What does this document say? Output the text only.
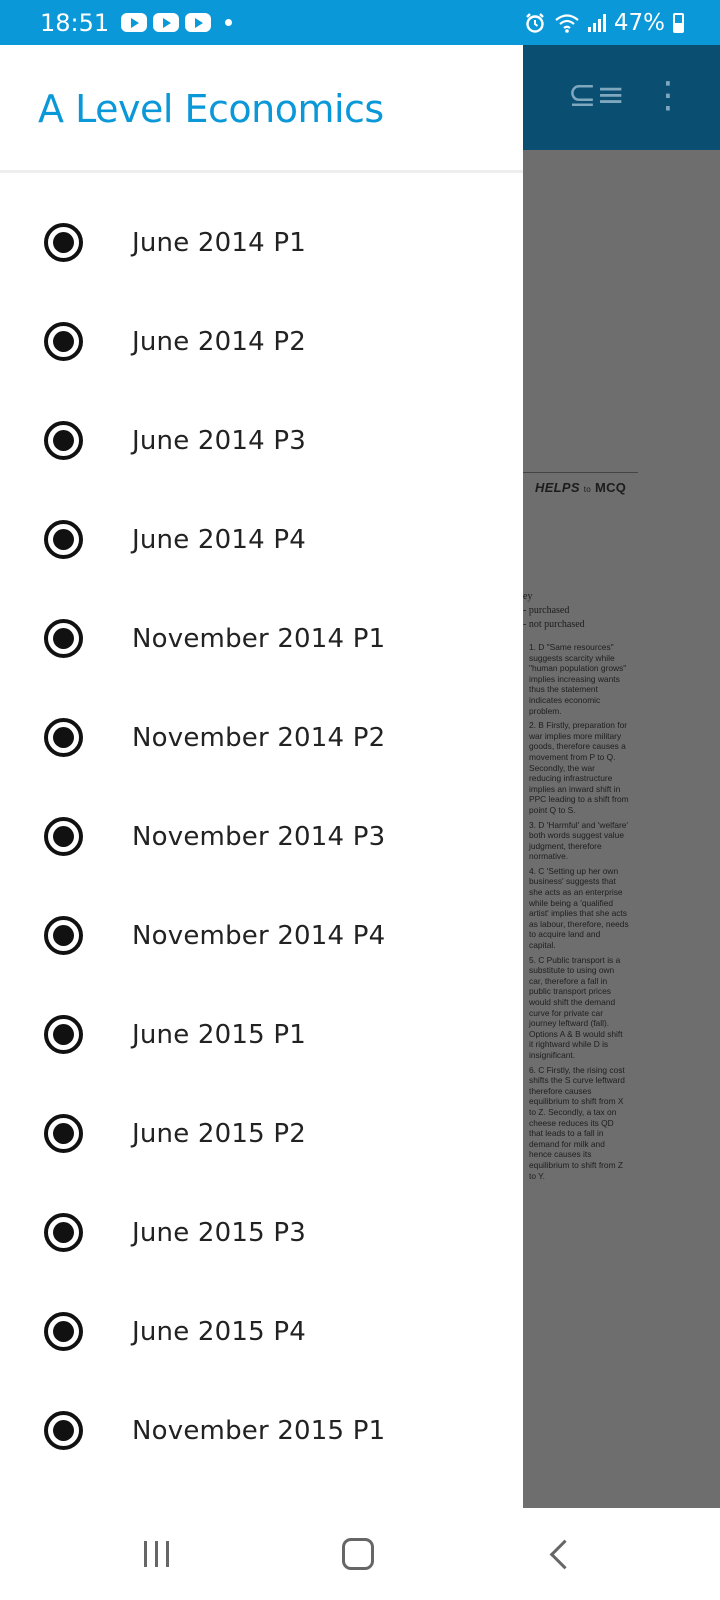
18:51	47%
⊆≡ ⋮
HELPS to MCQ
ey
- purchased
- not purchased

1. D "Same resources" suggests scarcity while "human population grows" implies increasing wants thus the statement indicates economic problem.

2. B Firstly, preparation for war implies more military goods, therefore causes a movement from P to Q. Secondly, the war reducing infrastructure implies an inward shift in PPC leading to a shift from point Q to S.

3. D 'Harmful' and 'welfare' both words suggest value judgment, therefore normative.

4. C 'Setting up her own business' suggests that she acts as an enterprise while being a 'qualified artist' implies that she acts as labour, therefore, needs to acquire land and capital.

5. C Public transport is a substitute to using own car, therefore a fall in public transport prices would shift the demand curve for private car journey leftward (fall). Options A & B would shift it rightward while D is insignificant.

6. C Firstly, the rising cost shifts the S curve leftward therefore causes equilibrium to shift from X to Z. Secondly, a tax on cheese reduces its QD that leads to a fall in demand for milk and hence causes its equilibrium to shift from Z to Y.

A Level Economics
June 2014 P1
June 2014 P2
June 2014 P3
June 2014 P4
November 2014 P1
November 2014 P2
November 2014 P3
November 2014 P4
June 2015 P1
June 2015 P2
June 2015 P3
June 2015 P4
November 2015 P1
